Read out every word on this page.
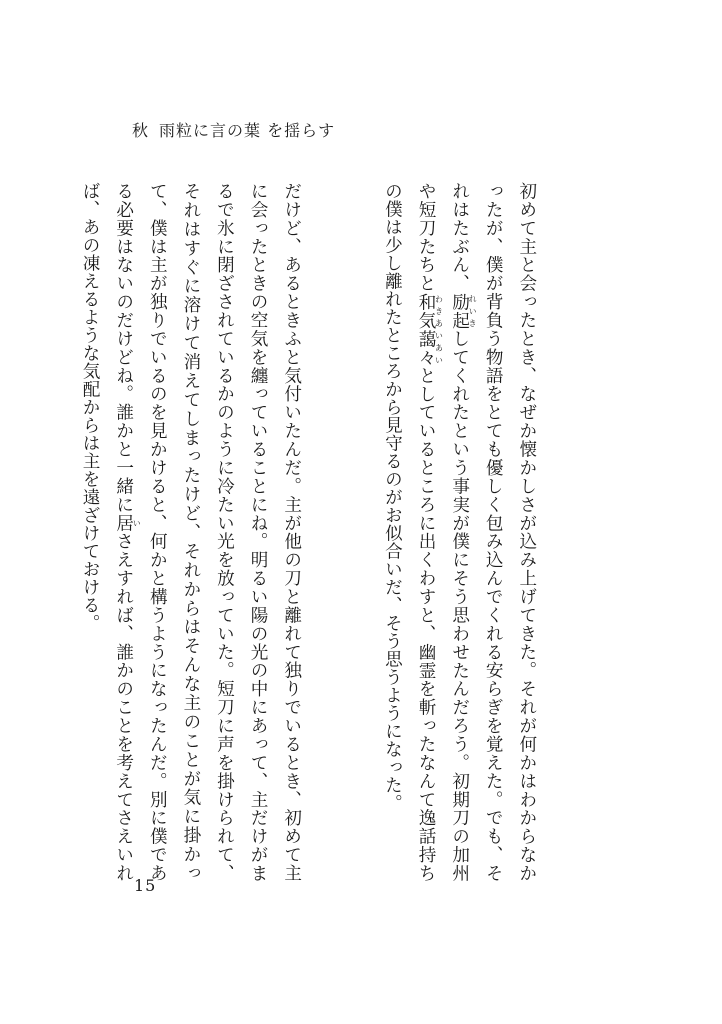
秋 雨粒に言の葉 を揺らす

初めて主と会ったとき、なぜか懐かしさが込み上げてきた。それが何かはわからなかったが、僕が背負う物語をとても優しく包み込んでくれる安らぎを覚えた。でも、それはたぶん、励起れいきしてくれたという事実が僕にそう思わせたんだろう。初期刀の加州や短刀たちと和気藹々わきあいあいとしているところに出くわすと、幽霊を斬ったなんて逸話持ちの僕は少し離れたところから見守るのがお似合いだ、そう思うようになった。

だけど、あるときふと気付いたんだ。主が他の刀と離れて独りでいるとき、初めて主に会ったときの空気を纏っていることにね。明るい陽の光の中にあって、主だけがまるで氷に閉ざされているかのように冷たい光を放っていた。短刀に声を掛けられて、それはすぐに溶けて消えてしまったけど、それからはそんな主のことが気に掛かって、僕は主が独りでいるのを見かけると、何かと構うようになったんだ。別に僕である必要はないのだけどね。誰かと一緒に居いさえすれば、誰かのことを考えてさえいれば、あの凍えるような気配からは主を遠ざけておける。

15
